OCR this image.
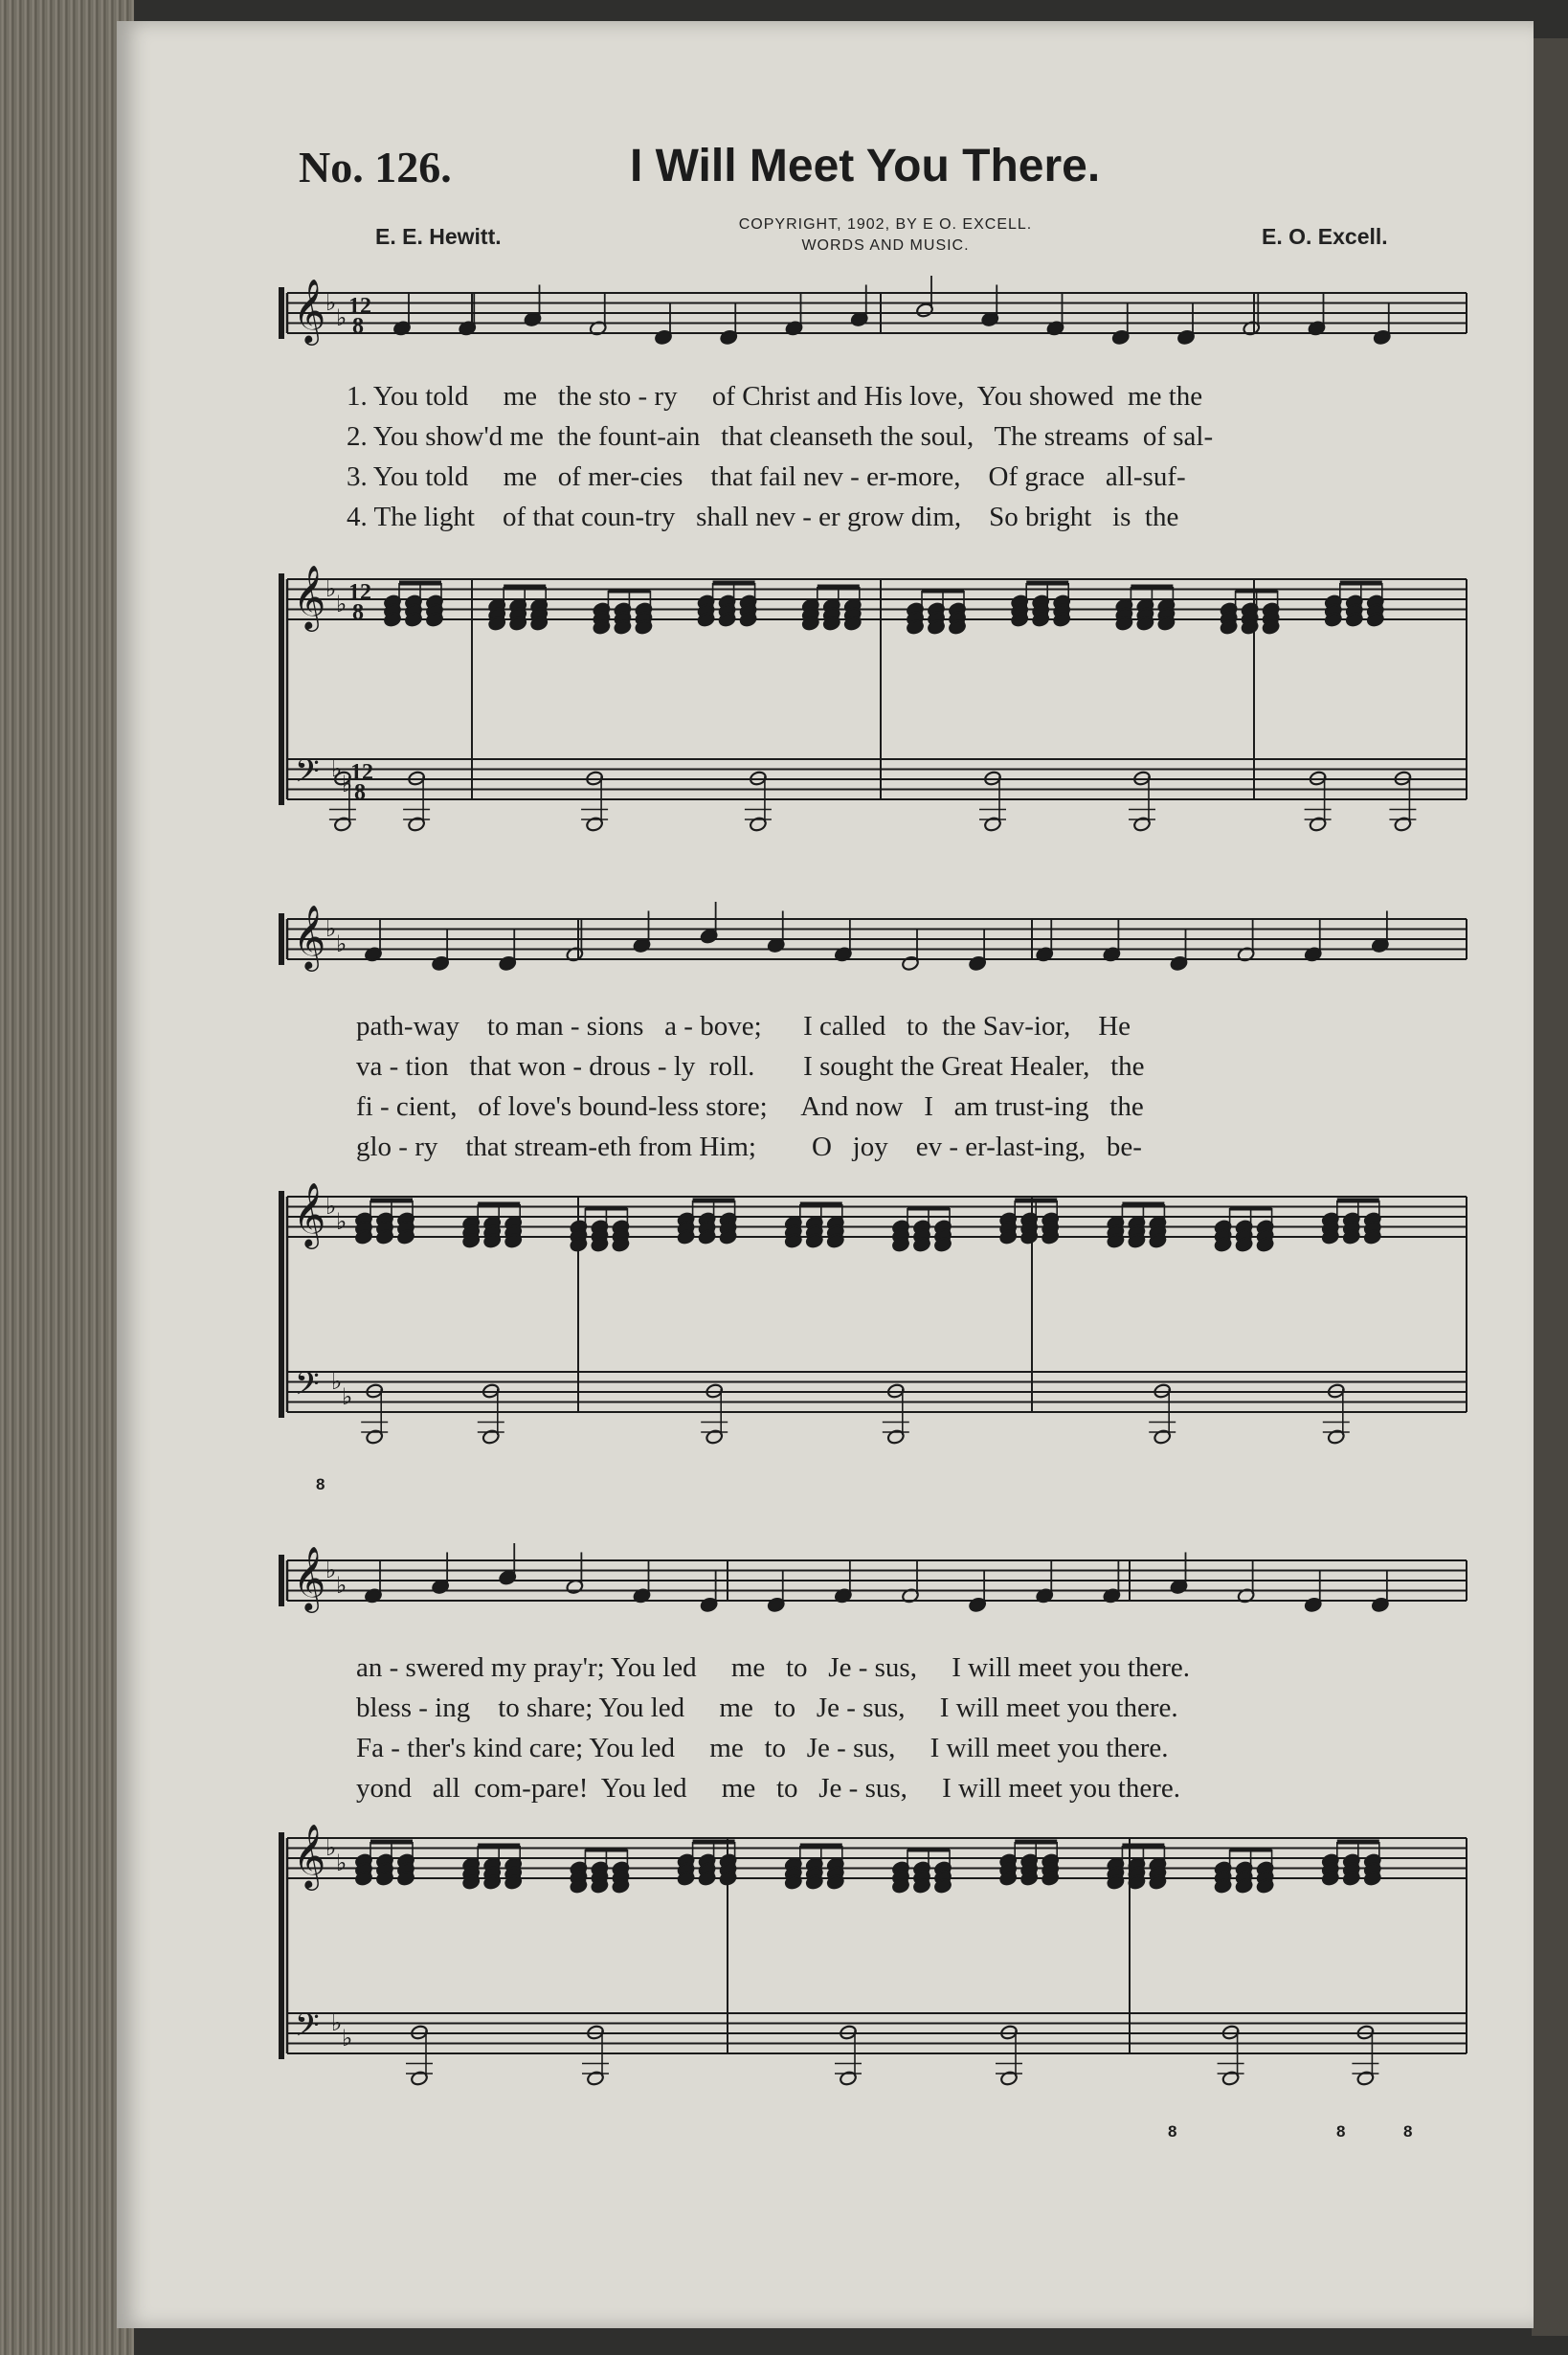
No. 126.	I Will Meet You There.
COPYRIGHT, 1902, BY E O. EXCELL.
WORDS AND MUSIC.
E. E. Hewitt.	E. O. Excell.
𝄞
𝄞
𝄢
♭
♭
♭
♭
♭
♭
12
8
12
8
12
8
𝄞
𝄞
𝄢
♭
♭
♭
♭
♭
♭
𝄞
𝄞
𝄢
♭
♭
♭
♭
♭
♭
8
8	8	8
1. You told     me   the sto - ry     of Christ and His love,  You showed  me the
2. You show'd me  the fount-ain   that cleanseth the soul,   The streams  of sal-
3. You told     me   of mer-cies    that fail nev - er-more,    Of grace   all-suf-
4. The light    of that coun-try   shall nev - er grow dim,    So bright   is  the
path-way    to man - sions   a - bove;      I called   to  the Sav-ior,    He
va - tion   that won - drous - ly  roll.       I sought the Great Healer,   the
fi - cient,   of love's bound-less store;     And now   I   am trust-ing   the
glo - ry    that stream-eth from Him;        O   joy    ev - er-last-ing,   be-
an - swered my pray'r; You led     me   to   Je - sus,     I will meet you there.
bless - ing    to share; You led     me   to   Je - sus,     I will meet you there.
Fa - ther's kind care; You led     me   to   Je - sus,     I will meet you there.
yond   all  com-pare!  You led     me   to   Je - sus,     I will meet you there.
